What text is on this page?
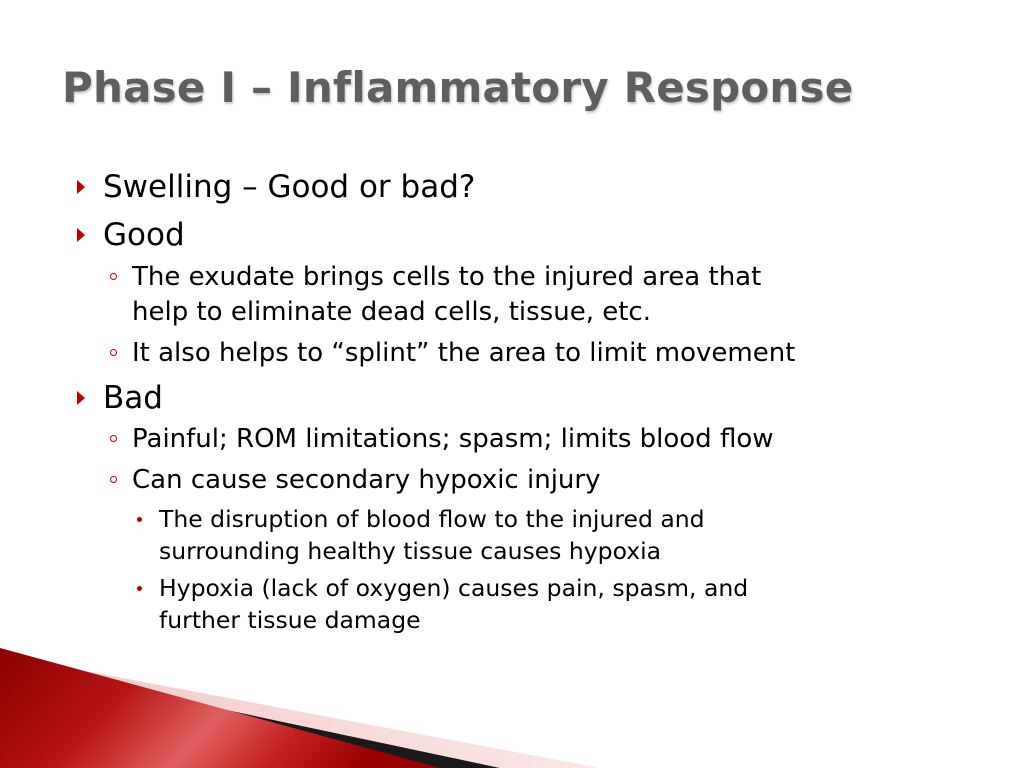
Phase I – Inflammatory Response
Swelling – Good or bad?
Good
The exudate brings cells to the injured area that
help to eliminate dead cells, tissue, etc.
It also helps to “splint” the area to limit movement
Bad
Painful; ROM limitations; spasm; limits blood flow
Can cause secondary hypoxic injury
The disruption of blood flow to the injured and
surrounding healthy tissue causes hypoxia
Hypoxia (lack of oxygen) causes pain, spasm, and
further tissue damage
